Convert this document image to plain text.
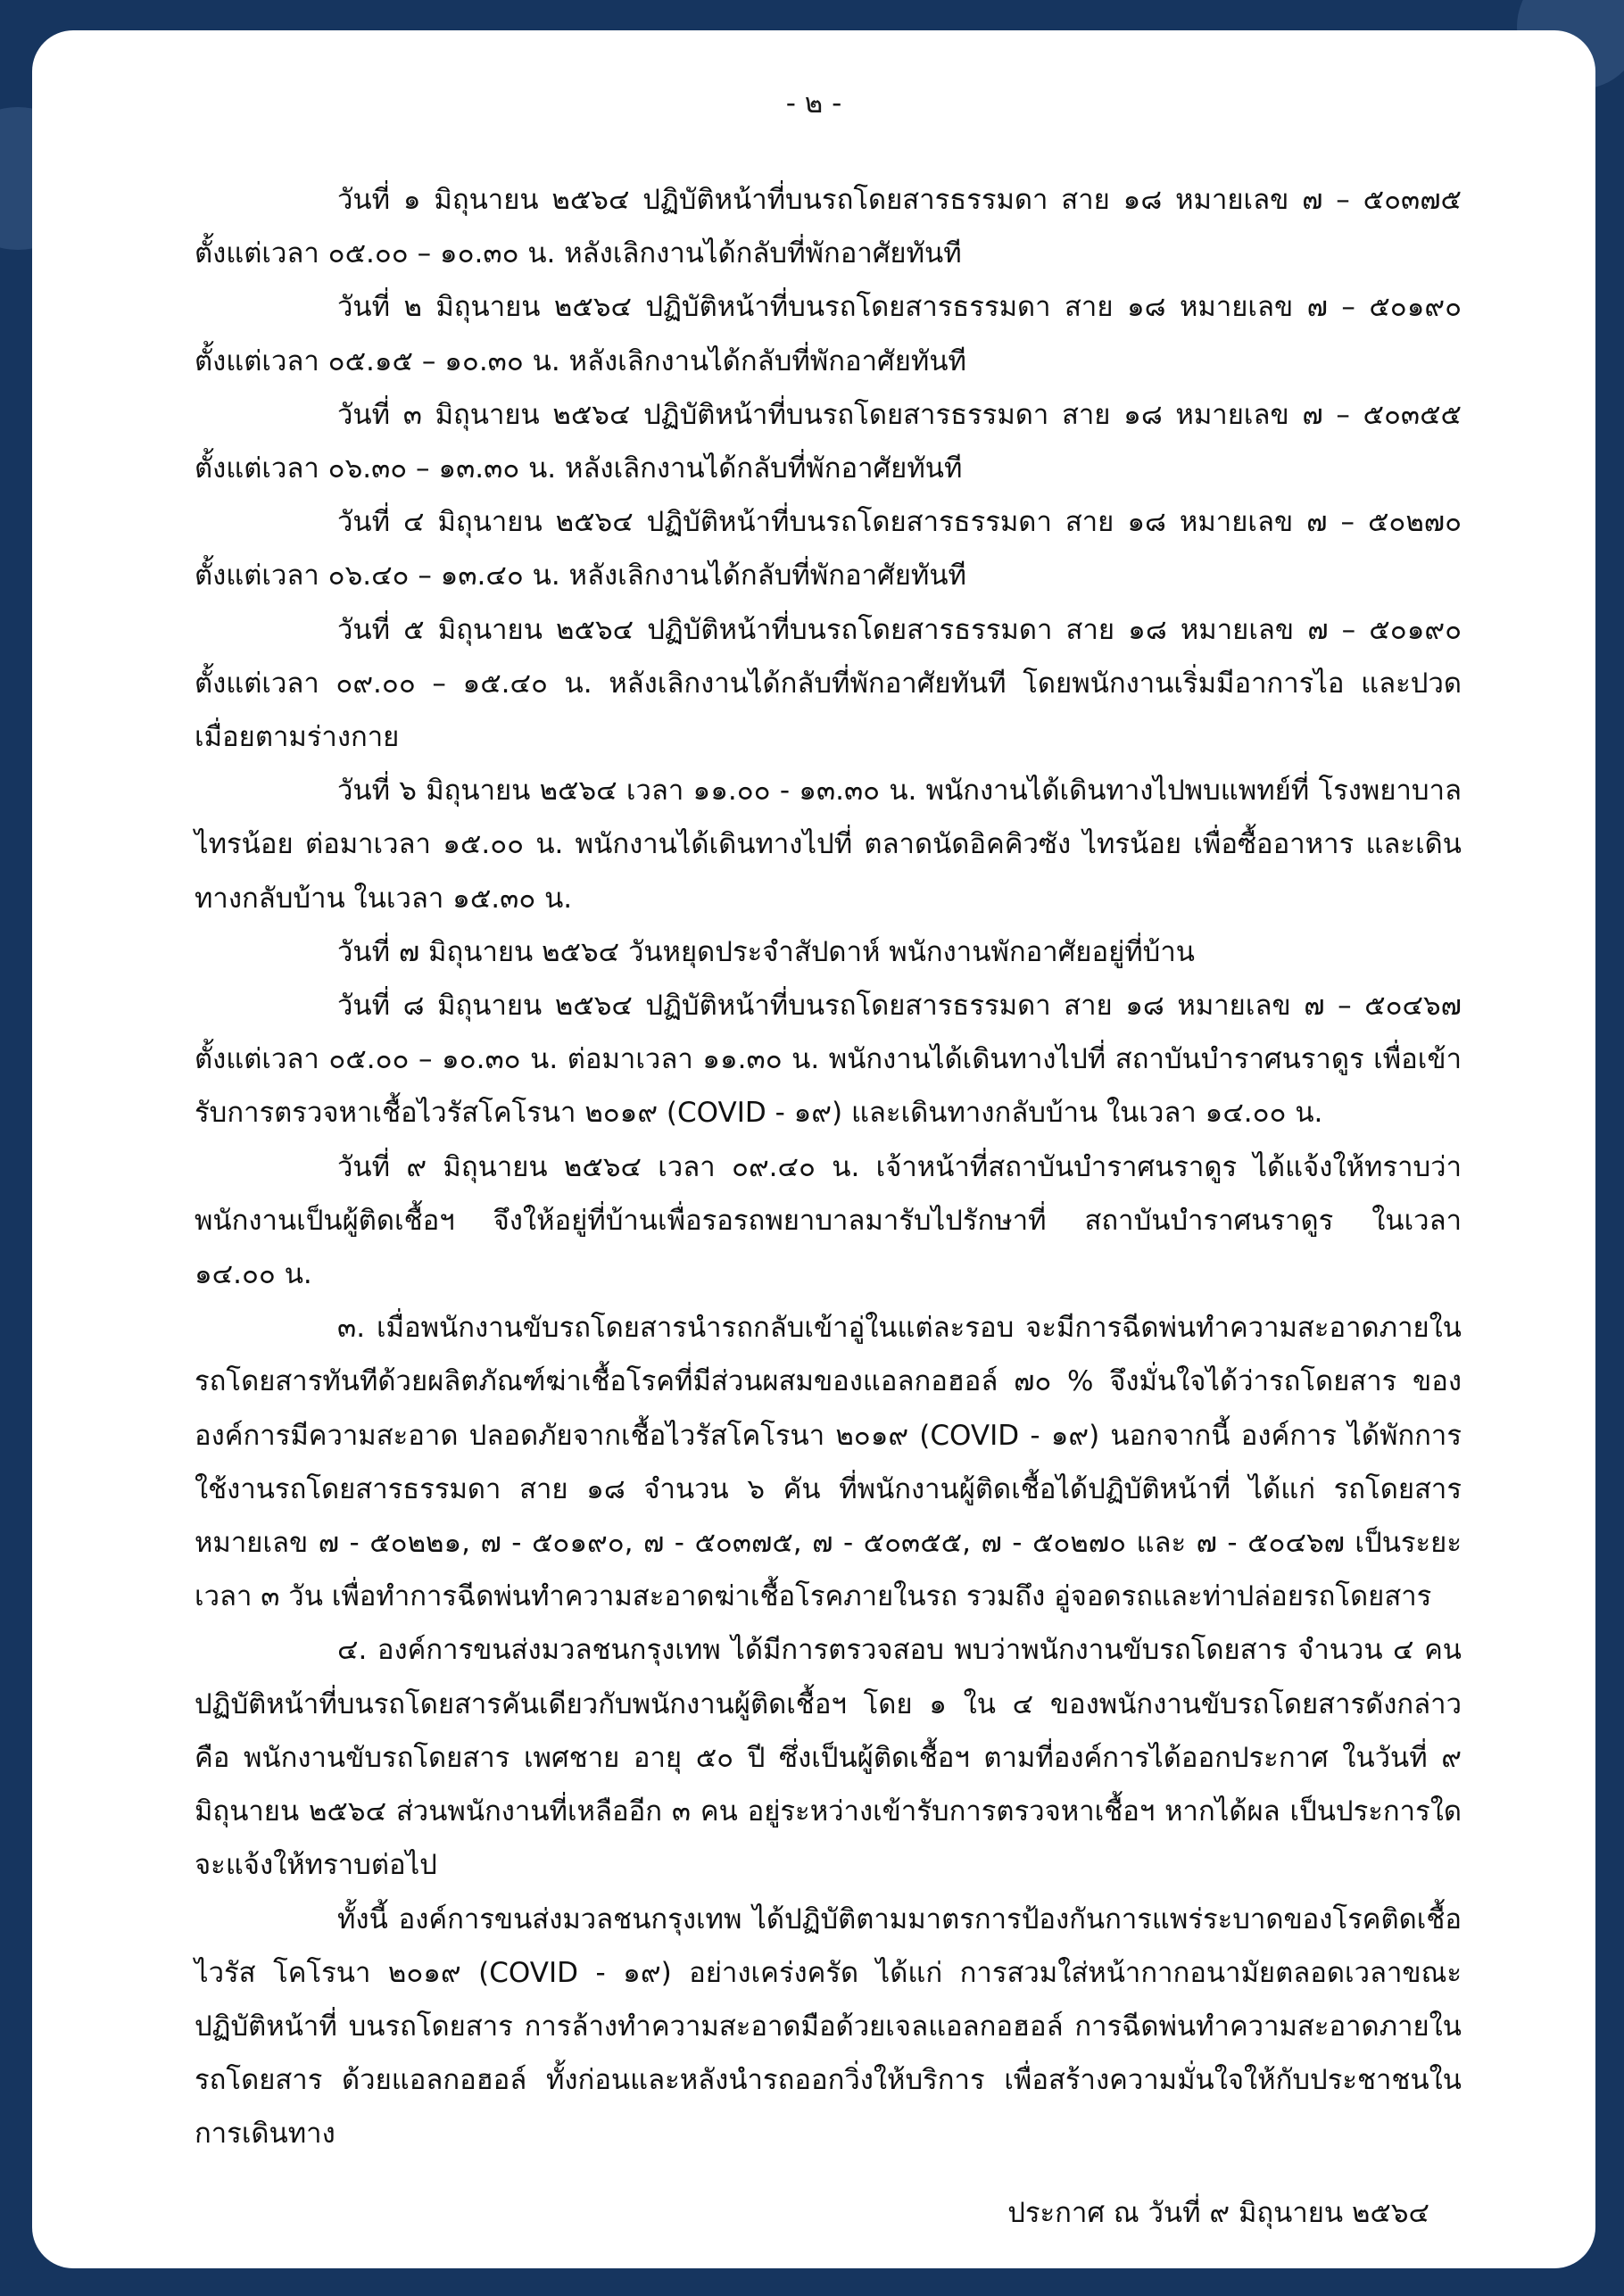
- ๒ -

วันที่ ๑ มิถุนายน ๒๕๖๔ ปฏิบัติหน้าที่บนรถโดยสารธรรมดา สาย ๑๘ หมายเลข ๗ – ๕๐๓๗๕ ตั้งแต่เวลา ๐๕.๐๐ – ๑๐.๓๐ น. หลังเลิกงานได้กลับที่พักอาศัยทันที

วันที่ ๒ มิถุนายน ๒๕๖๔ ปฏิบัติหน้าที่บนรถโดยสารธรรมดา สาย ๑๘ หมายเลข ๗ – ๕๐๑๙๐ ตั้งแต่เวลา ๐๕.๑๕ – ๑๐.๓๐ น. หลังเลิกงานได้กลับที่พักอาศัยทันที

วันที่ ๓ มิถุนายน ๒๕๖๔ ปฏิบัติหน้าที่บนรถโดยสารธรรมดา สาย ๑๘ หมายเลข ๗ – ๕๐๓๕๕ ตั้งแต่เวลา ๐๖.๓๐ – ๑๓.๓๐ น. หลังเลิกงานได้กลับที่พักอาศัยทันที

วันที่ ๔ มิถุนายน ๒๕๖๔ ปฏิบัติหน้าที่บนรถโดยสารธรรมดา สาย ๑๘ หมายเลข ๗ – ๕๐๒๗๐ ตั้งแต่เวลา ๐๖.๔๐ – ๑๓.๔๐ น. หลังเลิกงานได้กลับที่พักอาศัยทันที

วันที่ ๕ มิถุนายน ๒๕๖๔ ปฏิบัติหน้าที่บนรถโดยสารธรรมดา สาย ๑๘ หมายเลข ๗ – ๕๐๑๙๐ ตั้งแต่เวลา ๐๙.๐๐ – ๑๕.๔๐ น. หลังเลิกงานได้กลับที่พักอาศัยทันที โดยพนักงานเริ่มมีอาการไอ และปวดเมื่อยตามร่างกาย

วันที่ ๖ มิถุนายน ๒๕๖๔ เวลา ๑๑.๐๐ - ๑๓.๓๐ น. พนักงานได้เดินทางไปพบแพทย์ที่ โรงพยาบาลไทรน้อย ต่อมาเวลา ๑๕.๐๐ น. พนักงานได้เดินทางไปที่ ตลาดนัดอิคคิวซัง ไทรน้อย เพื่อซื้ออาหาร และเดินทางกลับบ้าน ในเวลา ๑๕.๓๐ น.

วันที่ ๗ มิถุนายน ๒๕๖๔ วันหยุดประจำสัปดาห์ พนักงานพักอาศัยอยู่ที่บ้าน

วันที่ ๘ มิถุนายน ๒๕๖๔ ปฏิบัติหน้าที่บนรถโดยสารธรรมดา สาย ๑๘ หมายเลข ๗ – ๕๐๔๖๗ ตั้งแต่เวลา ๐๕.๐๐ – ๑๐.๓๐ น. ต่อมาเวลา ๑๑.๓๐ น. พนักงานได้เดินทางไปที่ สถาบันบำราศนราดูร เพื่อเข้ารับการตรวจหาเชื้อไวรัสโคโรนา ๒๐๑๙ (COVID - ๑๙) และเดินทางกลับบ้าน ในเวลา ๑๔.๐๐ น.

วันที่ ๙ มิถุนายน ๒๕๖๔ เวลา ๐๙.๔๐ น. เจ้าหน้าที่สถาบันบำราศนราดูร ได้แจ้งให้ทราบว่า พนักงานเป็นผู้ติดเชื้อฯ จึงให้อยู่ที่บ้านเพื่อรอรถพยาบาลมารับไปรักษาที่ สถาบันบำราศนราดูร ในเวลา ๑๔.๐๐ น.

๓. เมื่อพนักงานขับรถโดยสารนำรถกลับเข้าอู่ในแต่ละรอบ จะมีการฉีดพ่นทำความสะอาดภายใน รถโดยสารทันทีด้วยผลิตภัณฑ์ฆ่าเชื้อโรคที่มีส่วนผสมของแอลกอฮอล์ ๗๐ % จึงมั่นใจได้ว่ารถโดยสาร ขององค์การมีความสะอาด ปลอดภัยจากเชื้อไวรัสโคโรนา ๒๐๑๙ (COVID - ๑๙) นอกจากนี้ องค์การ ได้พักการใช้งานรถโดยสารธรรมดา สาย ๑๘ จำนวน ๖ คัน ที่พนักงานผู้ติดเชื้อได้ปฏิบัติหน้าที่ ได้แก่ รถโดยสาร หมายเลข ๗ - ๕๐๒๒๑, ๗ - ๕๐๑๙๐, ๗ - ๕๐๓๗๕, ๗ - ๕๐๓๕๕, ๗ - ๕๐๒๗๐ และ ๗ - ๕๐๔๖๗ เป็นระยะเวลา ๓ วัน เพื่อทำการฉีดพ่นทำความสะอาดฆ่าเชื้อโรคภายในรถ รวมถึง อู่จอดรถและท่าปล่อยรถโดยสาร

๔. องค์การขนส่งมวลชนกรุงเทพ ได้มีการตรวจสอบ พบว่าพนักงานขับรถโดยสาร จำนวน ๔ คน ปฏิบัติหน้าที่บนรถโดยสารคันเดียวกับพนักงานผู้ติดเชื้อฯ โดย ๑ ใน ๔ ของพนักงานขับรถโดยสารดังกล่าว คือ พนักงานขับรถโดยสาร เพศชาย อายุ ๕๐ ปี ซึ่งเป็นผู้ติดเชื้อฯ ตามที่องค์การได้ออกประกาศ ในวันที่ ๙ มิถุนายน ๒๕๖๔ ส่วนพนักงานที่เหลืออีก ๓ คน อยู่ระหว่างเข้ารับการตรวจหาเชื้อฯ หากได้ผล เป็นประการใดจะแจ้งให้ทราบต่อไป

ทั้งนี้ องค์การขนส่งมวลชนกรุงเทพ ได้ปฏิบัติตามมาตรการป้องกันการแพร่ระบาดของโรคติดเชื้อไวรัส โคโรนา ๒๐๑๙ (COVID - ๑๙) อย่างเคร่งครัด ได้แก่ การสวมใส่หน้ากากอนามัยตลอดเวลาขณะปฏิบัติหน้าที่ บนรถโดยสาร การล้างทำความสะอาดมือด้วยเจลแอลกอฮอล์ การฉีดพ่นทำความสะอาดภายในรถโดยสาร ด้วยแอลกอฮอล์ ทั้งก่อนและหลังนำรถออกวิ่งให้บริการ เพื่อสร้างความมั่นใจให้กับประชาชนในการเดินทาง

ประกาศ ณ วันที่ ๙ มิถุนายน ๒๕๖๔
